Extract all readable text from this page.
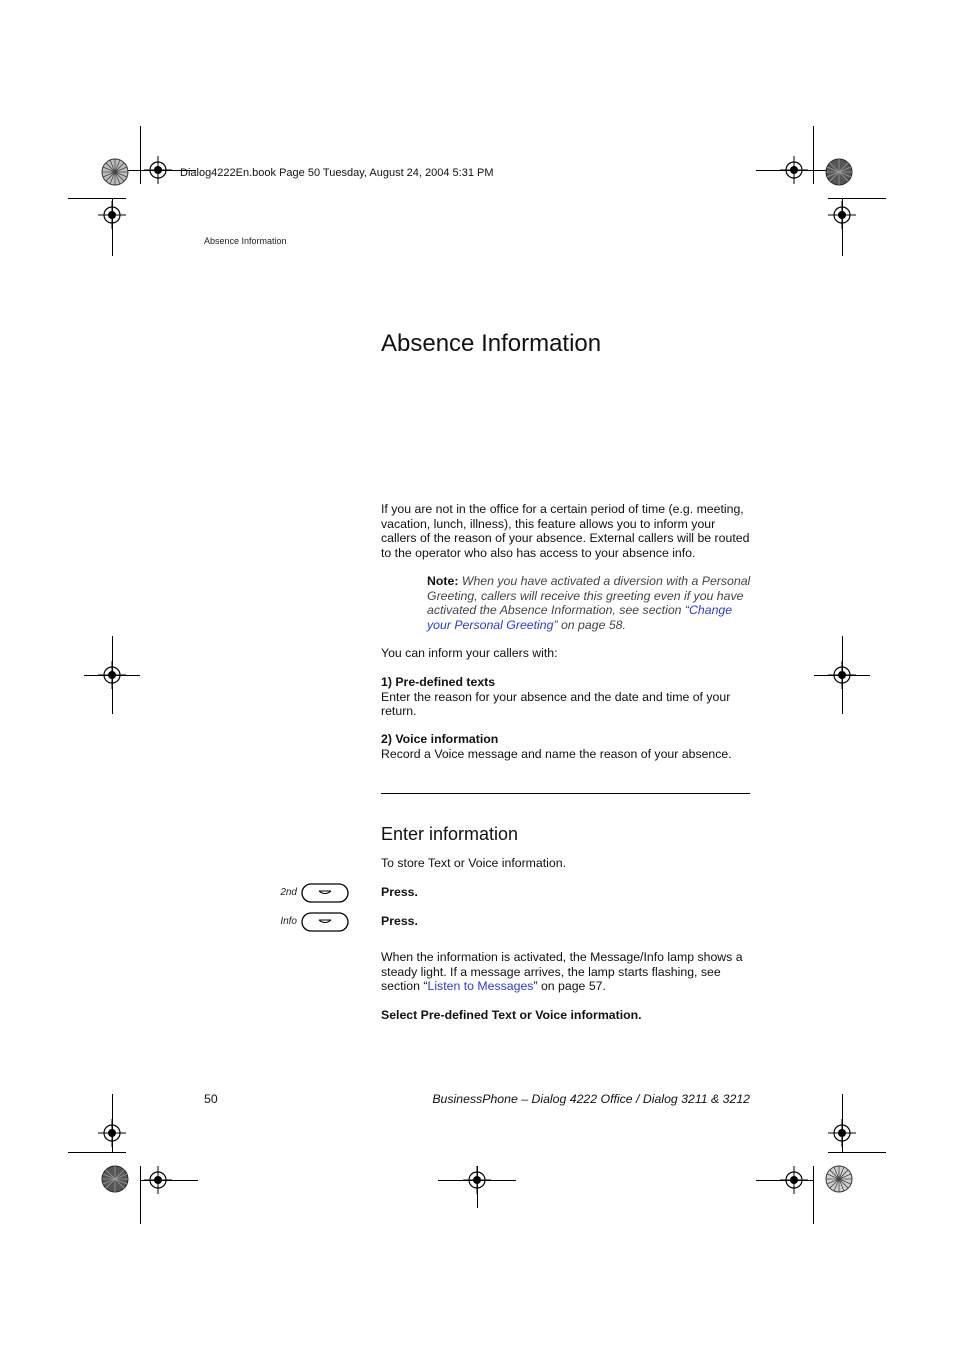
Dialog4222En.book Page 50 Tuesday, August 24, 2004 5:31 PM
Absence Information
Absence Information

If you are not in the office for a certain period of time (e.g. meeting, vacation, lunch, illness), this feature allows you to inform your callers of the reason of your absence. External callers will be routed to the operator who also has access to your absence info.

Note: When you have activated a diversion with a Personal Greeting, callers will receive this greeting even if you have activated the Absence Information, see section “Change your Personal Greeting” on page 58.

You can inform your callers with:

1) Pre-defined texts
Enter the reason for your absence and the date and time of your return.
2) Voice information
Record a Voice message and name the reason of your absence.
Enter information

To store Text or Voice information.

2nd	Press.
Info	Press.

When the information is activated, the Message/Info lamp shows a steady light. If a message arrives, the lamp starts flashing, see section “Listen to Messages” on page 57.

Select Pre-defined Text or Voice information.

50	BusinessPhone – Dialog 4222 Office / Dialog 3211 & 3212
